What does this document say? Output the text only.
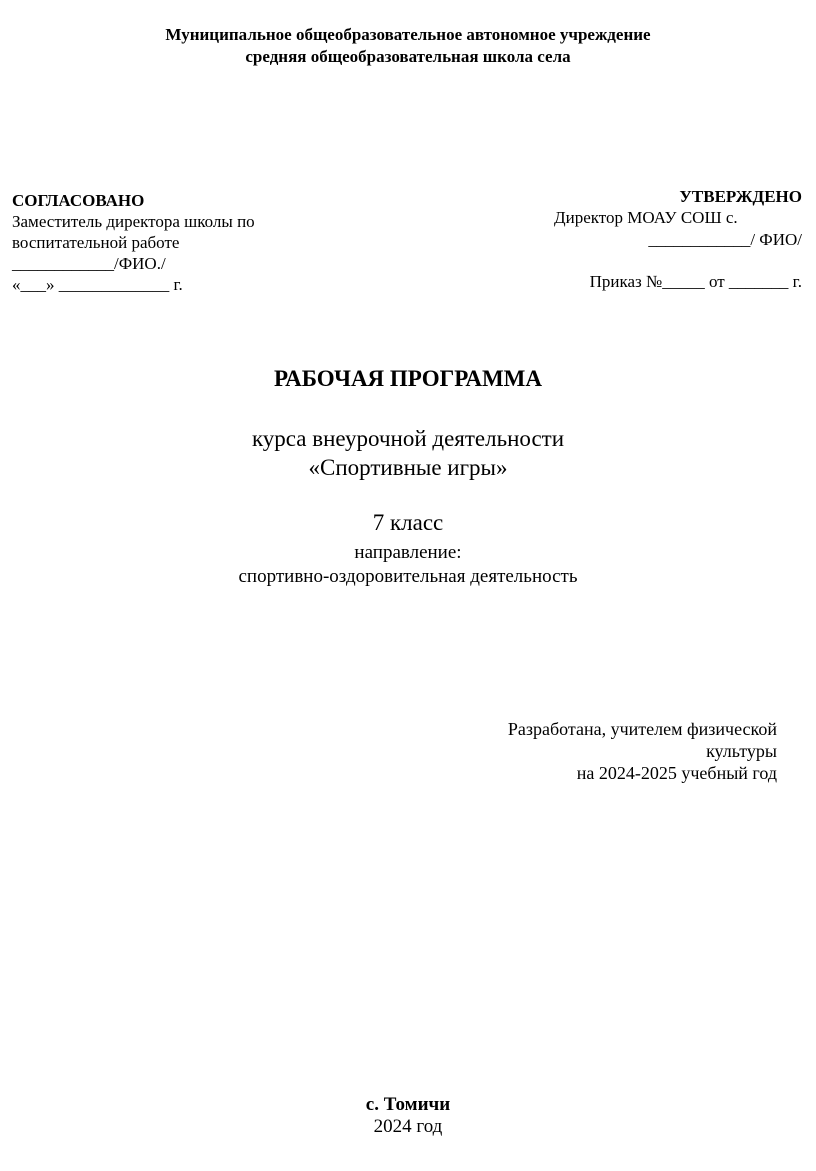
Муниципальное общеобразовательное автономное учреждение
средняя общеобразовательная школа села
СОГЛАСОВАНО
Заместитель директора школы по
воспитательной работе
____________/ФИО./
«___» _____________ г.
УТВЕРЖДЕНО
Директор МОАУ СОШ с.
____________/ ФИО/
Приказ №_____ от _______ г.
РАБОЧАЯ ПРОГРАММА
курса внеурочной деятельности
«Спортивные игры»
7 класс
направление:
спортивно-оздоровительная деятельность
Разработана, учителем физической
культуры
на 2024-2025 учебный год
с. Томичи
2024 год
